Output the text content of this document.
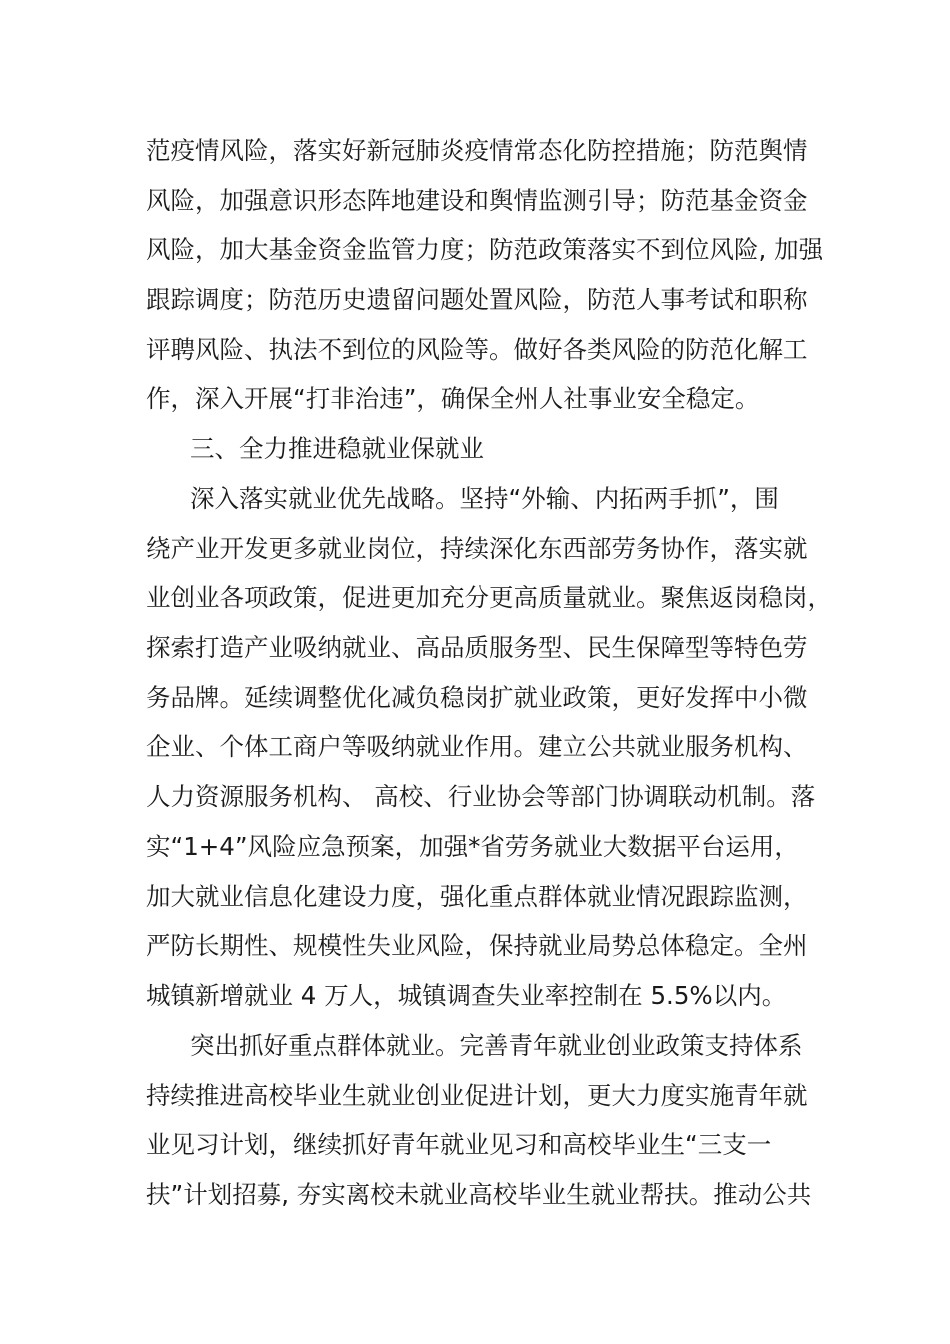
范疫情风险，落实好新冠肺炎疫情常态化防控措施；防范舆情
风险，加强意识形态阵地建设和舆情监测引导；防范基金资金
风险，加大基金资金监管力度；防范政策落实不到位风险, 加强
跟踪调度；防范历史遗留问题处置风险，防范人事考试和职称
评聘风险、执法不到位的风险等。做好各类风险的防范化解工
作，深入开展“打非治违”，确保全州人社事业安全稳定。
三、全力推进稳就业保就业
深入落实就业优先战略。坚持“外输、内拓两手抓”，围
绕产业开发更多就业岗位，持续深化东西部劳务协作，落实就
业创业各项政策，促进更加充分更高质量就业。聚焦返岗稳岗，
探索打造产业吸纳就业、高品质服务型、民生保障型等特色劳
务品牌。延续调整优化减负稳岗扩就业政策，更好发挥中小微
企业、个体工商户等吸纳就业作用。建立公共就业服务机构、
人力资源服务机构、 高校、行业协会等部门协调联动机制。落
实“1+4”风险应急预案，加强*省劳务就业大数据平台运用，
加大就业信息化建设力度，强化重点群体就业情况跟踪监测，
严防长期性、规模性失业风险，保持就业局势总体稳定。全州
城镇新增就业 4 万人，城镇调查失业率控制在 5.5%以内。
突出抓好重点群体就业。完善青年就业创业政策支持体系
持续推进高校毕业生就业创业促进计划，更大力度实施青年就
业见习计划，继续抓好青年就业见习和高校毕业生“三支一
扶”计划招募, 夯实离校未就业高校毕业生就业帮扶。推动公共
